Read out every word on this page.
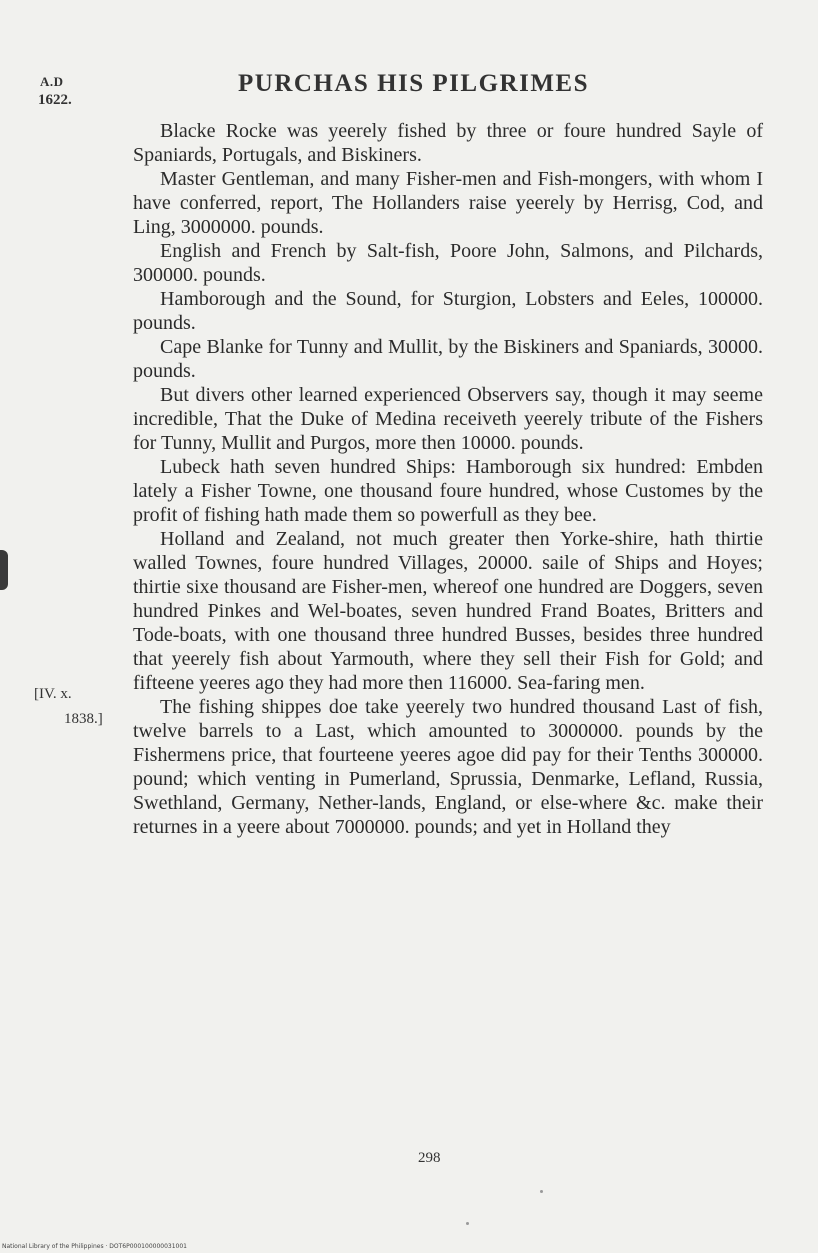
A.D
1622.
PURCHAS HIS PILGRIMES
[IV. x.
1838.]

Blacke Rocke was yeerely fished by three or foure hundred Sayle of Spaniards, Portugals, and Biskiners.

Master Gentleman, and many Fisher-men and Fish-mongers, with whom I have conferred, report, The Hollanders raise yeerely by Herrisg, Cod, and Ling, 3000000. pounds.

English and French by Salt-fish, Poore John, Salmons, and Pilchards, 300000. pounds.

Hamborough and the Sound, for Sturgion, Lobsters and Eeles, 100000. pounds.

Cape Blanke for Tunny and Mullit, by the Biskiners and Spaniards, 30000. pounds.

But divers other learned experienced Observers say, though it may seeme incredible, That the Duke of Medina receiveth yeerely tribute of the Fishers for Tunny, Mullit and Purgos, more then 10000. pounds.

Lubeck hath seven hundred Ships: Hamborough six hundred: Embden lately a Fisher Towne, one thousand foure hundred, whose Customes by the profit of fishing hath made them so powerfull as they bee.

Holland and Zealand, not much greater then Yorke-shire, hath thirtie walled Townes, foure hundred Villages, 20000. saile of Ships and Hoyes; thirtie sixe thousand are Fisher-men, whereof one hundred are Doggers, seven hundred Pinkes and Wel-boates, seven hundred Frand Boates, Britters and Tode-boats, with one thousand three hundred Busses, besides three hundred that yeerely fish about Yarmouth, where they sell their Fish for Gold; and fifteene yeeres ago they had more then 116000. Sea-faring men.

The fishing shippes doe take yeerely two hundred thousand Last of fish, twelve barrels to a Last, which amounted to 3000000. pounds by the Fishermens price, that fourteene yeeres agoe did pay for their Tenths 300000. pound; which venting in Pumerland, Sprussia, Denmarke, Lefland, Russia, Swethland, Germany, Nether-lands, England, or else-where &c. make their returnes in a yeere about 7000000. pounds; and yet in Holland they

298
National Library of the Philippines · DOT6P000100000031001
